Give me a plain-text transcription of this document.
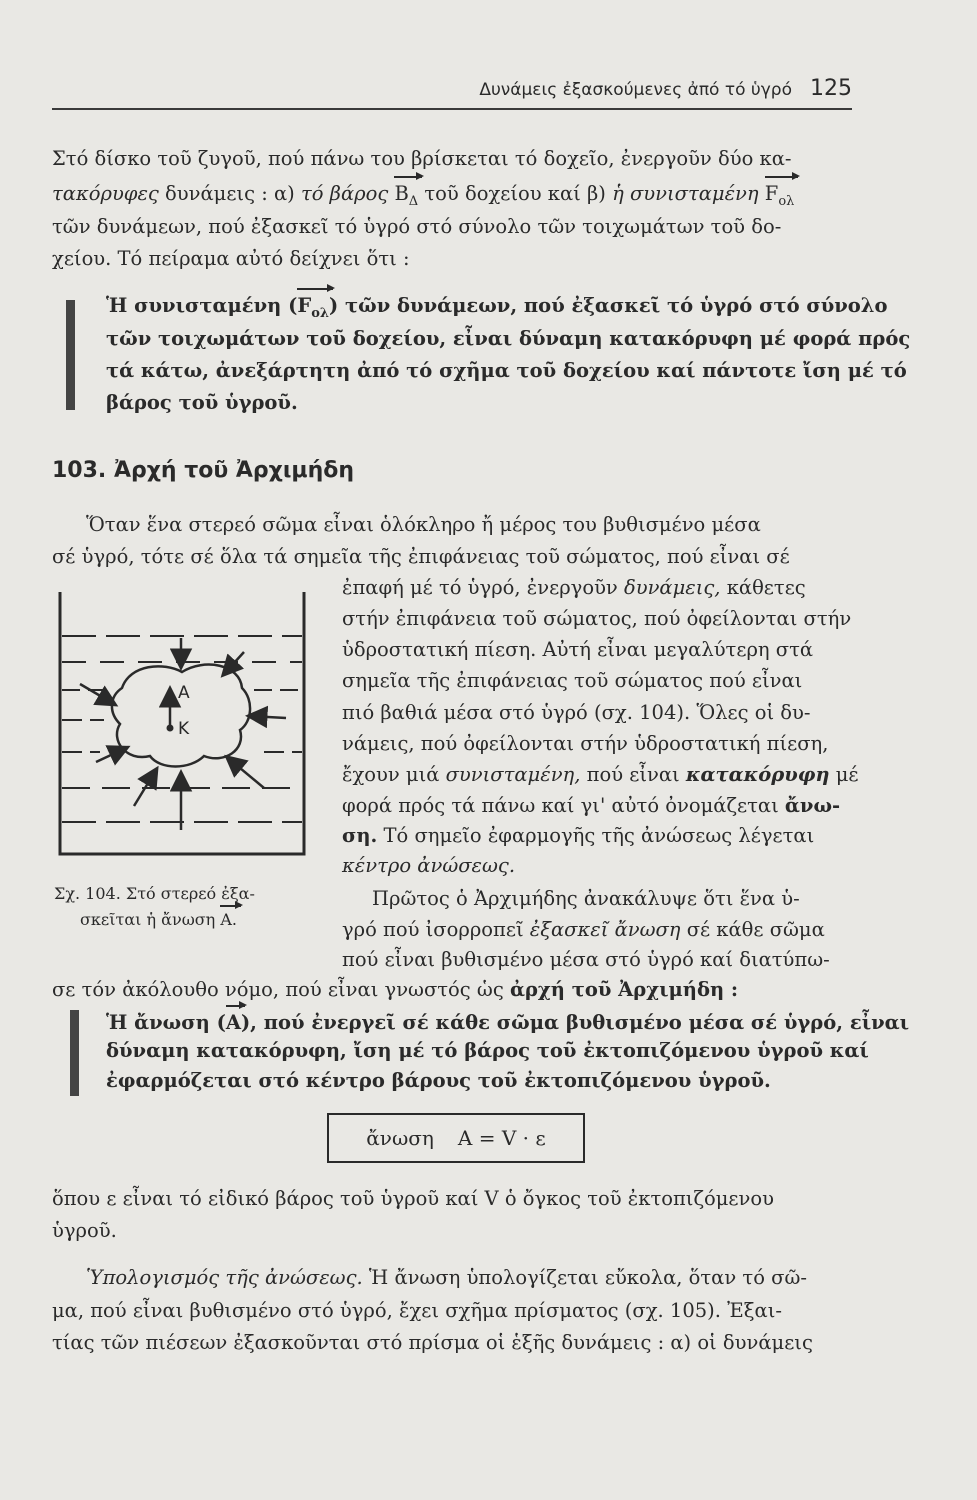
Δυνάμεις ἐξασκούμενες ἀπό τό ὑγρό 125
Στό δίσκο τοῦ ζυγοῦ, πού πάνω του βρίσκεται τό δοχεῖο, ἐνεργοῦν δύο κα-
τακόρυφες δυνάμεις : α) τό βάρος $B_\Delta$ τοῦ δοχείου καί β) ἡ συνισταμένη $F_{o\lambda}$
τῶν δυνάμεων, πού ἐξασκεῖ τό ὑγρό στό σύνολο τῶν τοιχωμάτων τοῦ δο-
χείου. Τό πείραμα αὐτό δείχνει ὅτι :
Ἡ συνισταμένη $(F_{o\lambda})$ τῶν δυνάμεων, πού ἐξασκεῖ τό ὑγρό στό σύνολο
τῶν τοιχωμάτων τοῦ δοχείου, εἶναι δύναμη κατακόρυφη μέ φορά πρός
τά κάτω, ἀνεξάρτητη ἀπό τό σχῆμα τοῦ δοχείου καί πάντοτε ἴση μέ τό
βάρος τοῦ ὑγροῦ.
103. Ἀρχή τοῦ Ἀρχιμήδη
Ὅταν ἕνα στερεό σῶμα εἶναι ὁλόκληρο ἤ μέρος του βυθισμένο μέσα
σέ ὑγρό, τότε σέ ὅλα τά σημεῖα τῆς ἐπιφάνειας τοῦ σώματος, πού εἶναι σέ
ἐπαφή μέ τό ὑγρό, ἐνεργοῦν δυνάμεις, κάθετες
στήν ἐπιφάνεια τοῦ σώματος, πού ὀφείλονται στήν
ὑδροστατική πίεση. Αὐτή εἶναι μεγαλύτερη στά
σημεῖα τῆς ἐπιφάνειας τοῦ σώματος πού εἶναι
πιό βαθιά μέσα στό ὑγρό (σχ. 104). Ὅλες οἱ δυ-
νάμεις, πού ὀφείλονται στήν ὑδροστατική πίεση,
ἔχουν μιά συνισταμένη, πού εἶναι κατακόρυφη μέ
φορά πρός τά πάνω καί γι' αὐτό ὀνομάζεται ἄνω-
ση. Τό σημεῖο ἐφαρμογῆς τῆς ἀνώσεως λέγεται
κέντρο ἀνώσεως.
Πρῶτος ὁ Ἀρχιμήδης ἀνακάλυψε ὅτι ἕνα ὑ-
γρό πού ἰσορροπεῖ ἐξασκεῖ ἄνωση σέ κάθε σῶμα
πού εἶναι βυθισμένο μέσα στό ὑγρό καί διατύπω-
σε τόν ἀκόλουθο νόμο, πού εἶναι γνωστός ὡς ἀρχή τοῦ Ἀρχιμήδη :
Α
Κ
Σχ. 104. Στό στερεό ἐξα-
σκεῖται ἡ ἄνωση A.
Ἡ ἄνωση (A), πού ἐνεργεῖ σέ κάθε σῶμα βυθισμένο μέσα σέ ὑγρό, εἶναι
δύναμη κατακόρυφη, ἴση μέ τό βάρος τοῦ ἐκτοπιζόμενου ὑγροῦ καί
ἐφαρμόζεται στό κέντρο βάρους τοῦ ἐκτοπιζόμενου ὑγροῦ.
ἄνωση A = V · ε
ὅπου ε εἶναι τό εἰδικό βάρος τοῦ ὑγροῦ καί V ὁ ὄγκος τοῦ ἐκτοπιζόμενου
ὑγροῦ.
Ὑπολογισμός τῆς ἀνώσεως. Ἡ ἄνωση ὑπολογίζεται εὔκολα, ὅταν τό σῶ-
μα, πού εἶναι βυθισμένο στό ὑγρό, ἔχει σχῆμα πρίσματος (σχ. 105). Ἐξαι-
τίας τῶν πιέσεων ἐξασκοῦνται στό πρίσμα οἱ ἑξῆς δυνάμεις : α) οἱ δυνάμεις
